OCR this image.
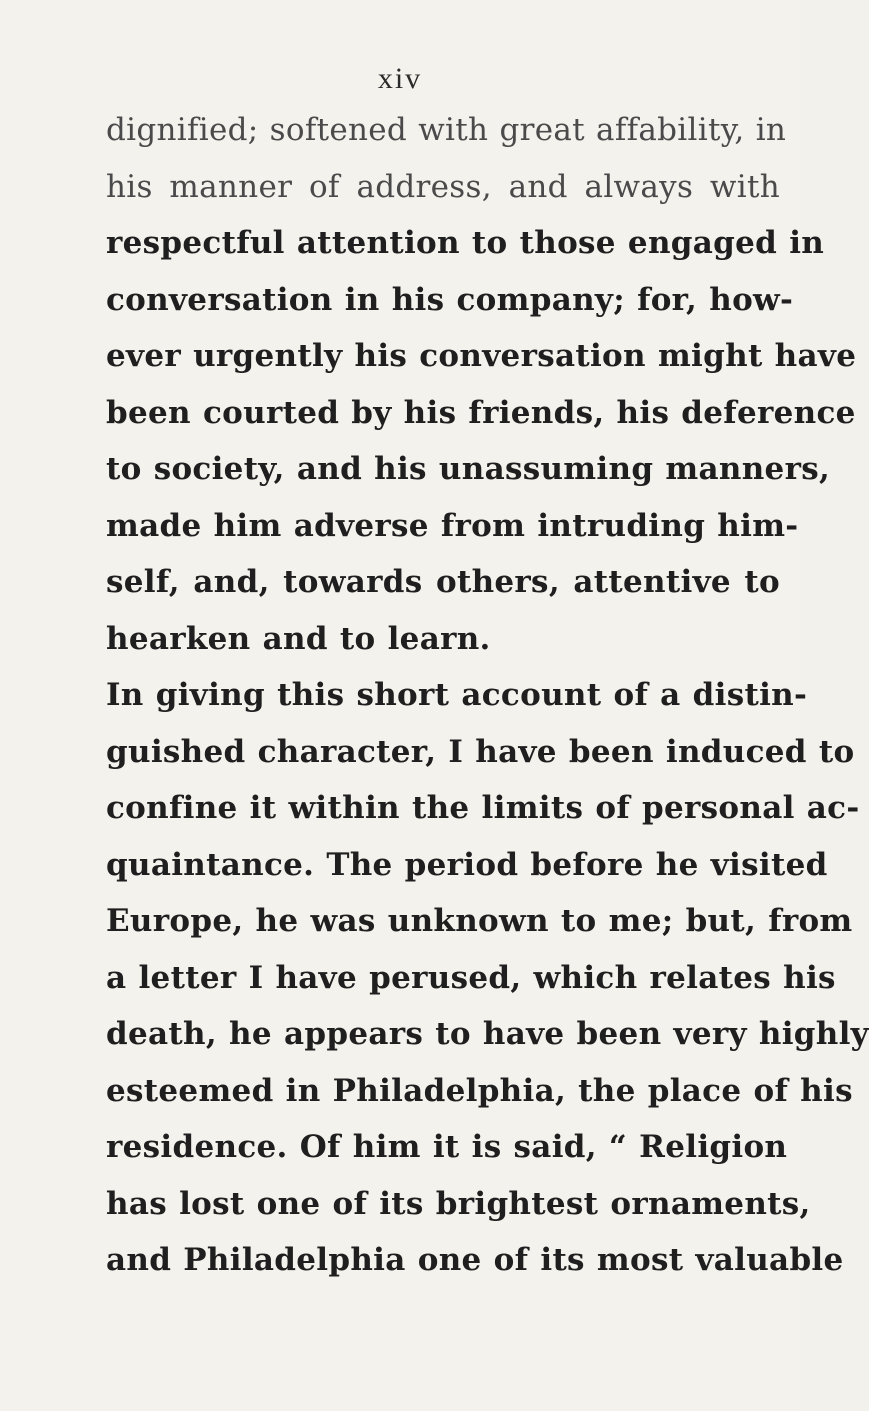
xiv
dignified; softened with great affability, in
his manner of address, and always with
respectful attention to those engaged in
conversation in his company; for, how-
ever urgently his conversation might have
been courted by his friends, his deference
to society, and his unassuming manners,
made him adverse from intruding him-
self, and, towards others, attentive to
hearken and to learn.
In giving this short account of a distin-
guished character, I have been induced to
confine it within the limits of personal ac-
quaintance. The period before he visited
Europe, he was unknown to me; but, from
a letter I have perused, which relates his
death, he appears to have been very highly
esteemed in Philadelphia, the place of his
residence. Of him it is said, “ Religion
has lost one of its brightest ornaments,
and Philadelphia one of its most valuable
